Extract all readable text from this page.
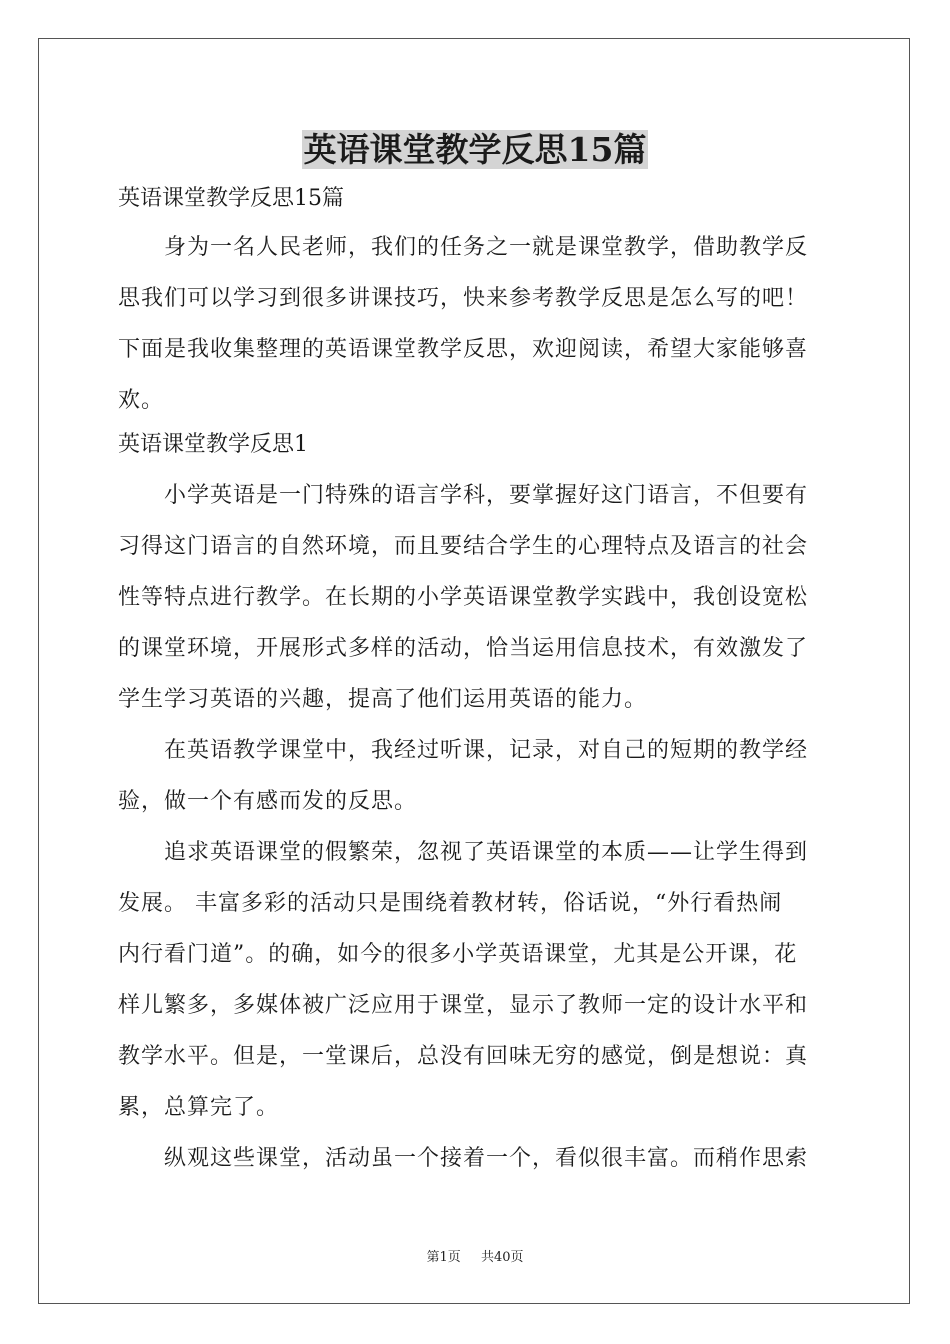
英语课堂教学反思15篇

英语课堂教学反思15篇

　　身为一名人民老师，我们的任务之一就是课堂教学，借助教学反
思我们可以学习到很多讲课技巧，快来参考教学反思是怎么写的吧！
下面是我收集整理的英语课堂教学反思，欢迎阅读，希望大家能够喜
欢。

英语课堂教学反思1

　　小学英语是一门特殊的语言学科，要掌握好这门语言，不但要有
习得这门语言的自然环境，而且要结合学生的心理特点及语言的社会
性等特点进行教学。在长期的小学英语课堂教学实践中，我创设宽松
的课堂环境，开展形式多样的活动，恰当运用信息技术，有效激发了
学生学习英语的兴趣，提高了他们运用英语的能力。

　　在英语教学课堂中，我经过听课，记录，对自己的短期的教学经
验，做一个有感而发的反思。

　　追求英语课堂的假繁荣，忽视了英语课堂的本质——让学生得到
发展。 丰富多彩的活动只是围绕着教材转，俗话说，“外行看热闹
内行看门道”。的确，如今的很多小学英语课堂，尤其是公开课，花
样儿繁多，多媒体被广泛应用于课堂，显示了教师一定的设计水平和
教学水平。但是，一堂课后，总没有回味无穷的感觉，倒是想说：真
累，总算完了。

　　纵观这些课堂，活动虽一个接着一个，看似很丰富。而稍作思索

第1页 共40页
